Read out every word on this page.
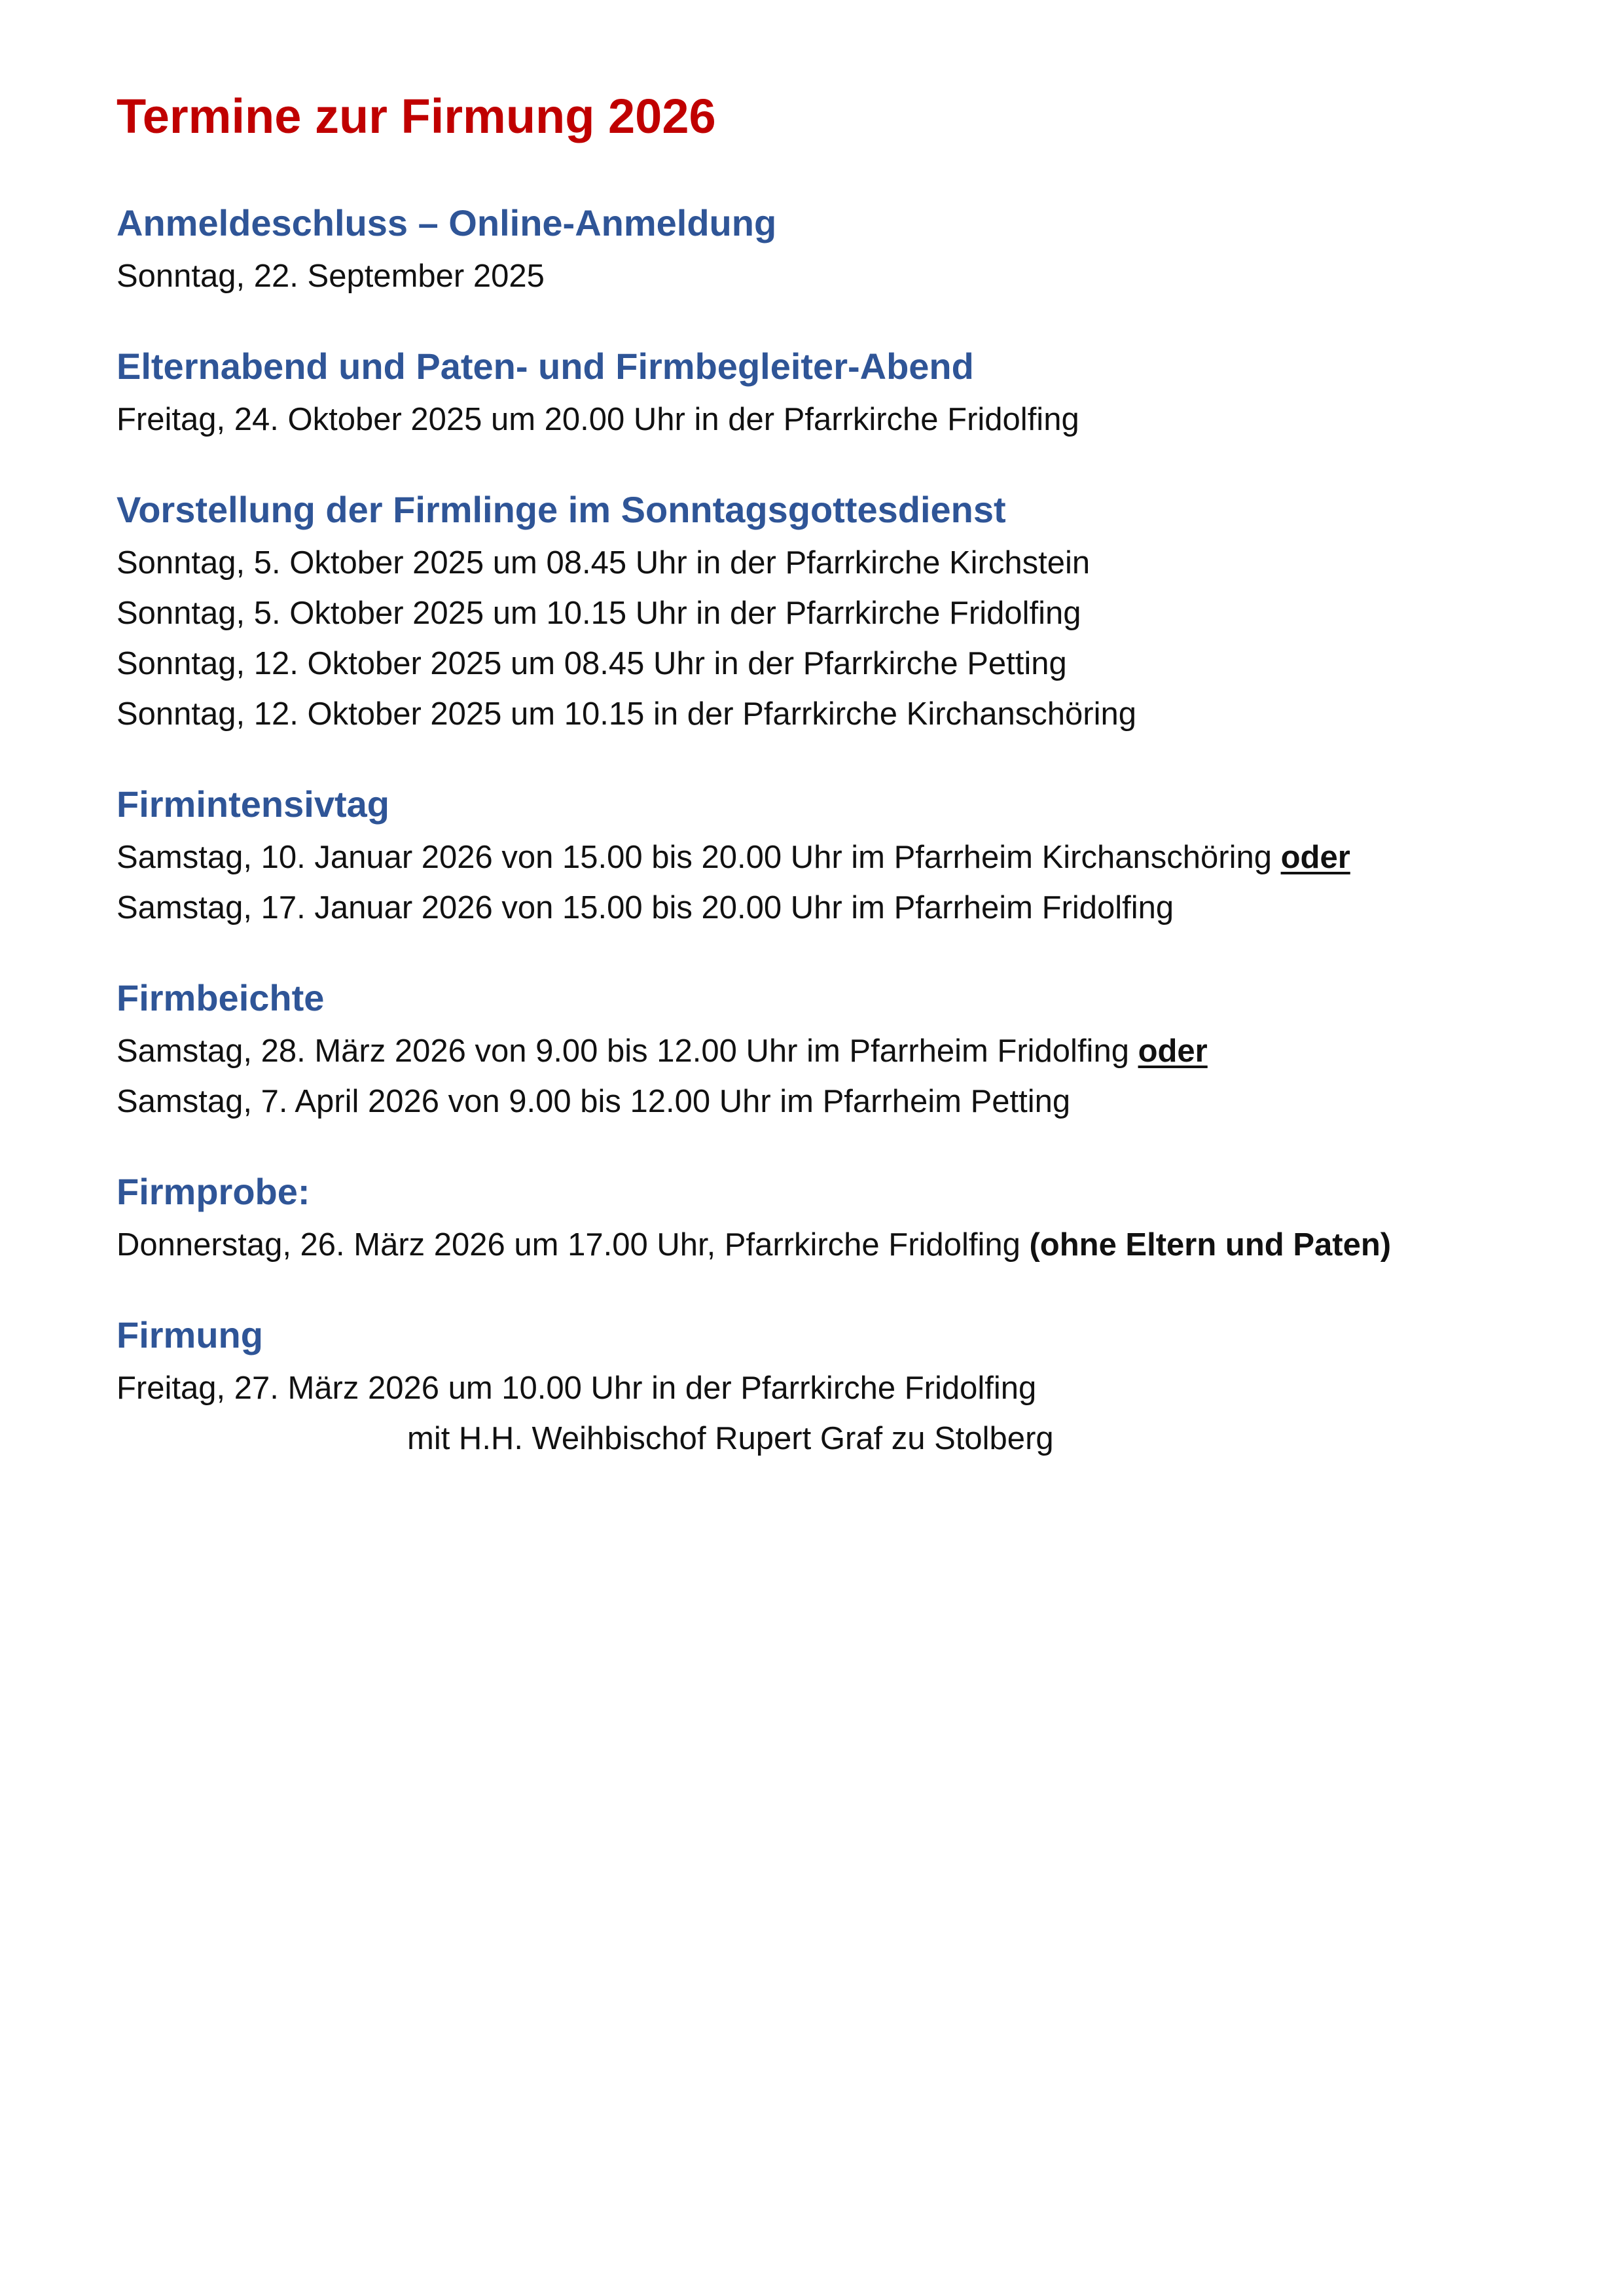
Termine zur Firmung 2026
Anmeldeschluss – Online-Anmeldung

Sonntag, 22. September 2025

Elternabend und Paten- und Firmbegleiter-Abend

Freitag, 24. Oktober 2025 um 20.00 Uhr in der Pfarrkirche Fridolfing

Vorstellung der Firmlinge im Sonntagsgottesdienst

Sonntag, 5. Oktober 2025 um 08.45 Uhr in der Pfarrkirche Kirchstein

Sonntag, 5. Oktober 2025 um 10.15 Uhr in der Pfarrkirche Fridolfing

Sonntag, 12. Oktober 2025 um 08.45 Uhr in der Pfarrkirche Petting

Sonntag, 12. Oktober 2025 um 10.15 in der Pfarrkirche Kirchanschöring

Firmintensivtag

Samstag, 10. Januar 2026 von 15.00 bis 20.00 Uhr im Pfarrheim Kirchanschöring oder

Samstag, 17. Januar 2026 von 15.00 bis 20.00 Uhr im Pfarrheim Fridolfing

Firmbeichte

Samstag, 28. März 2026 von 9.00 bis 12.00 Uhr im Pfarrheim Fridolfing oder

Samstag, 7. April 2026 von 9.00 bis 12.00 Uhr im Pfarrheim Petting

Firmprobe:

Donnerstag, 26. März 2026 um 17.00 Uhr, Pfarrkirche Fridolfing (ohne Eltern und Paten)

Firmung

Freitag, 27. März 2026 um 10.00 Uhr in der Pfarrkirche Fridolfing

mit H.H. Weihbischof Rupert Graf zu Stolberg
